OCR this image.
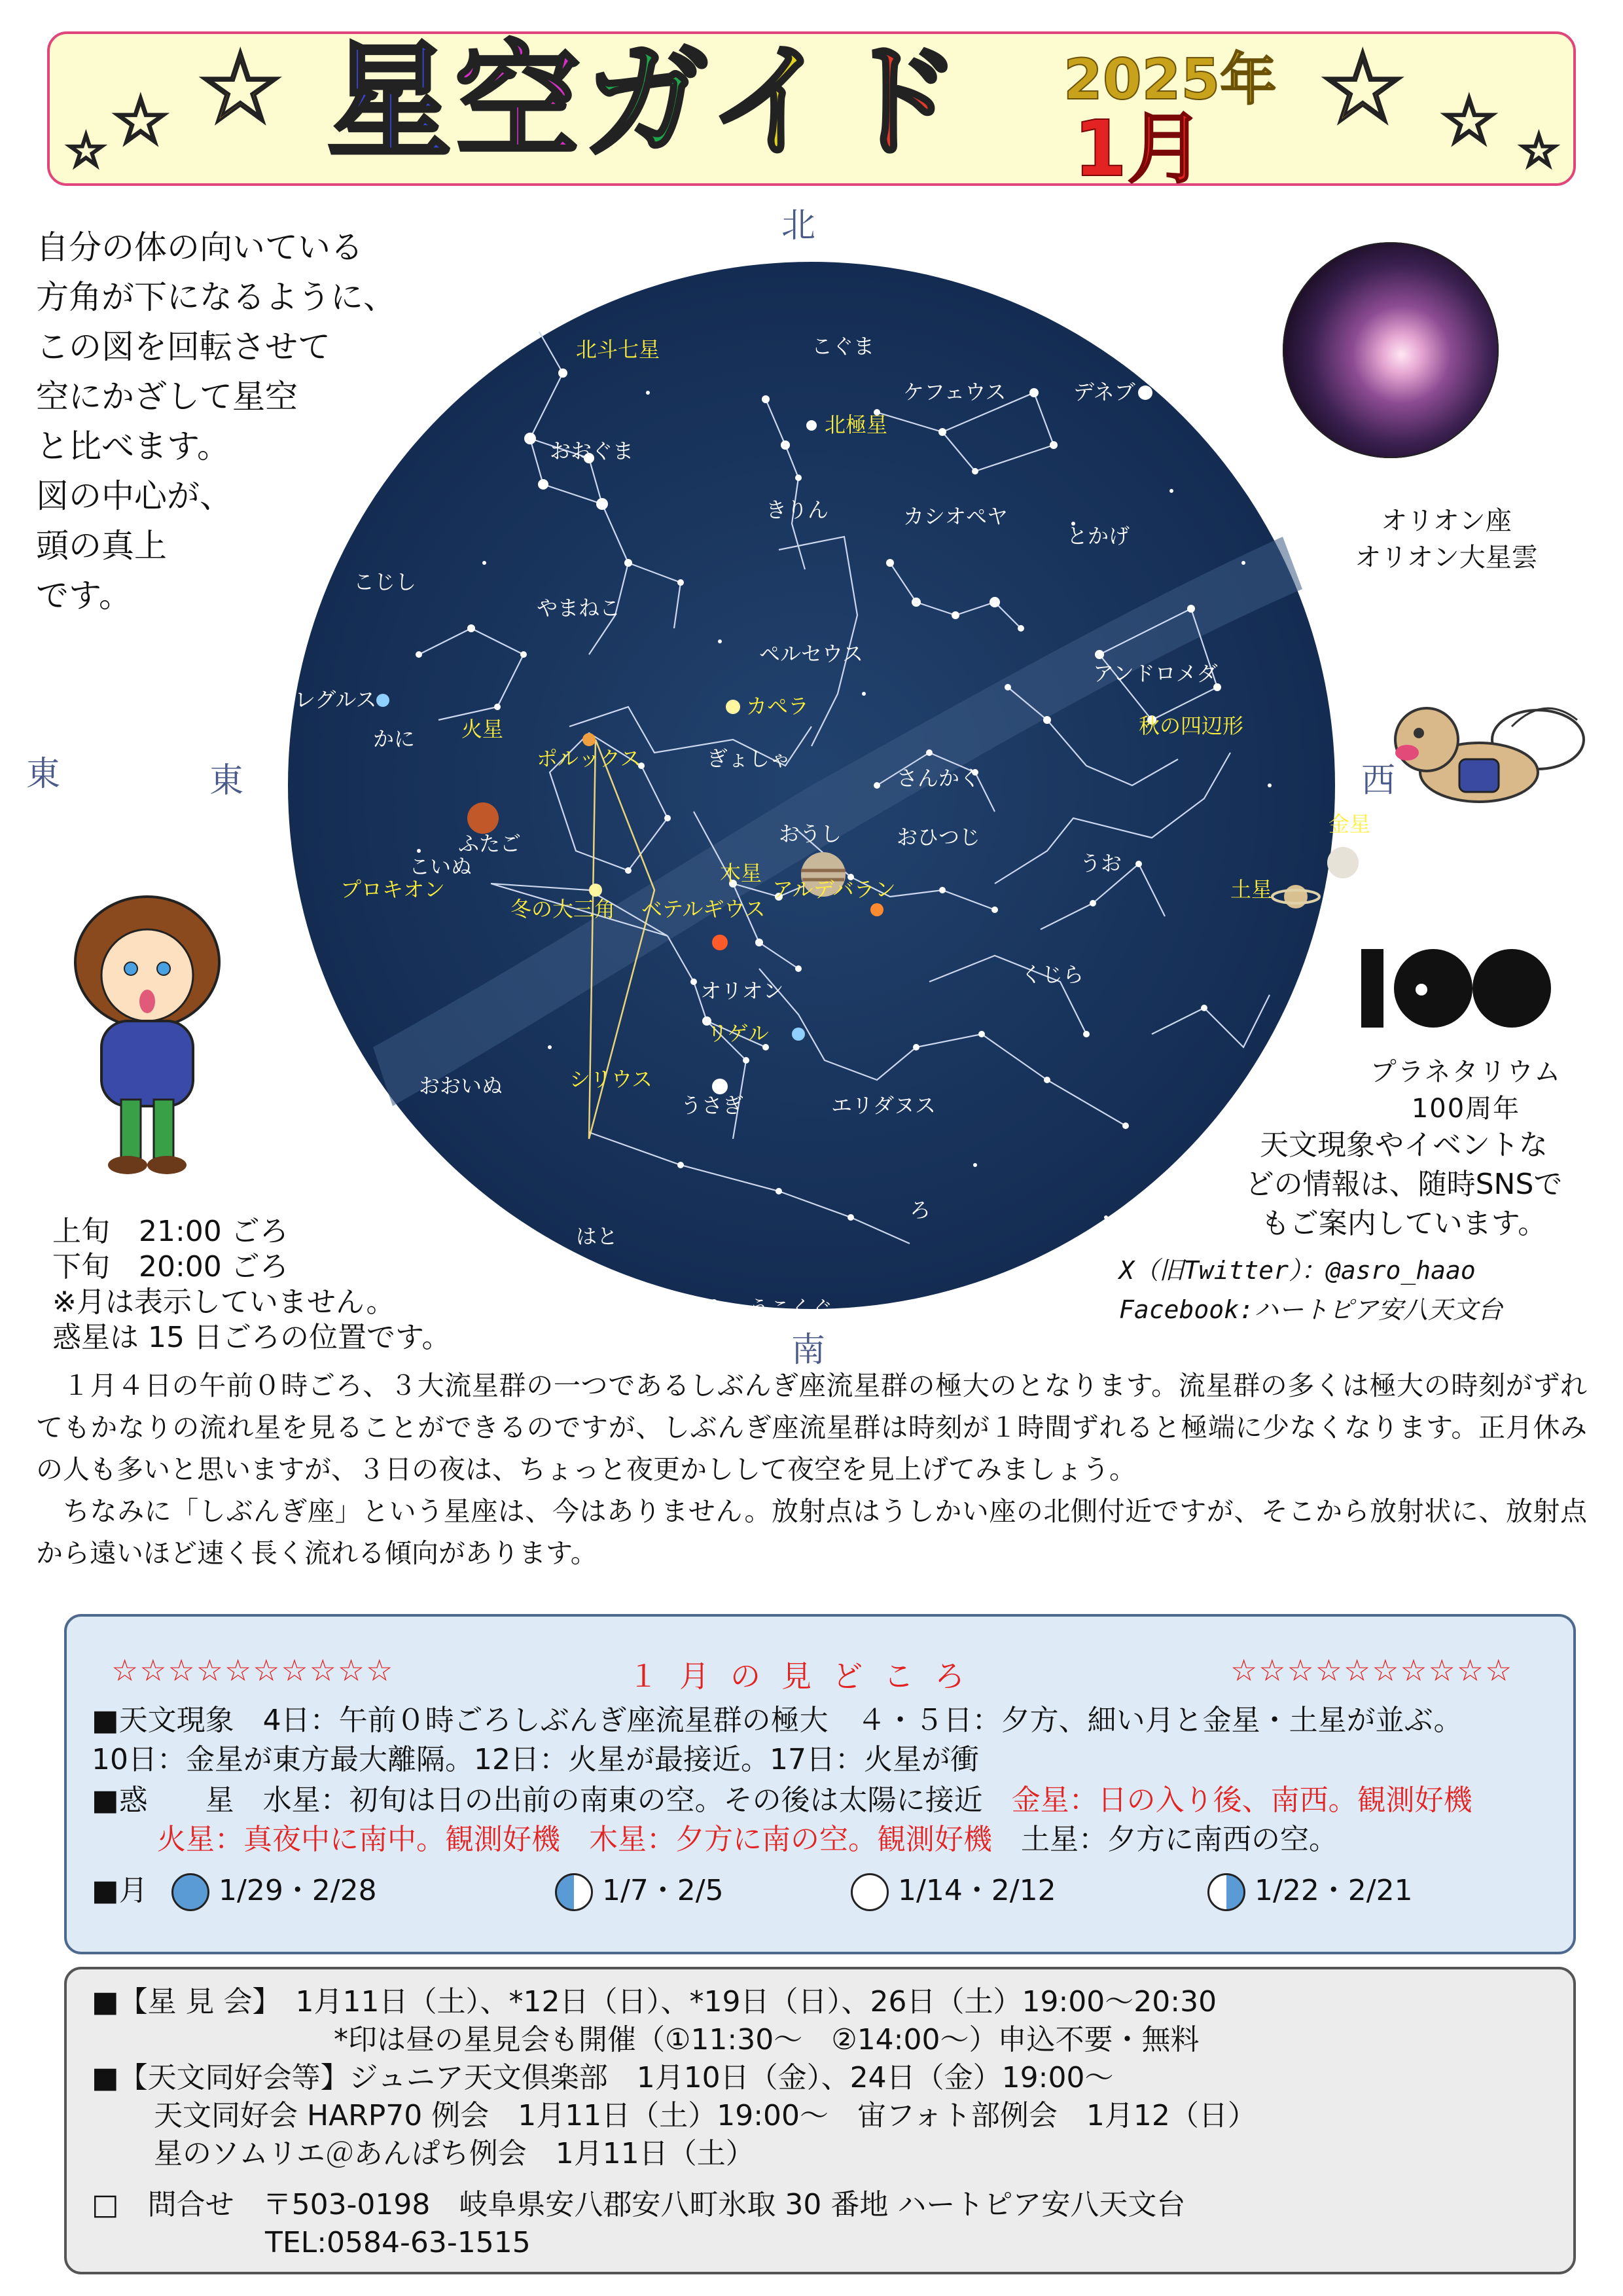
☆ ☆ ☆ 星空ガイド 2025年
1月
☆ ☆ ☆
自分の体の向いている
方角が下になるように、
この図を回転させて
空にかざして星空
と比べます。
図の中心が、
頭の真上
です。
北
南
東
北斗七星
おおぐま
こぐま
北極星
ケフェウス	デネブ
きりん	カシオペヤ
とかげ
こじし
やまねこ
ペルセウス
アンドロメダ
レグルス	カペラ
秋の四辺形
かに 火星
ポルックス	ぎょしゃ
さんかく
ふたご	おうし	おひつじ
こいぬ	うお
木星
アルデバラン
プロキオン
冬の大三角 ベテルギウス
オリオン
くじら
リゲル
おおいぬ	シリウス
うさぎ	エリダヌス
ろ
はと
ちょうこくぐ
金星
土星
東	西
オリオン座
オリオン大星雲
100
プラネタリウム
100周年
天文現象やイベントな
どの情報は、随時SNSで
もご案内しています。
X（旧Twitter）：@asro_haao
Facebook:ハートピア安八天文台
上旬　21:00 ごろ
下旬　20:00 ごろ
※月は表示していません。
惑星は 15 日ごろの位置です。

１月４日の午前０時ごろ、３大流星群の一つであるしぶんぎ座流星群の極大のとなります。流星群の多くは極大の時刻がずれてもかなりの流れ星を見ることができるのですが、しぶんぎ座流星群は時刻が１時間ずれると極端に少なくなります。正月休みの人も多いと思いますが、３日の夜は、ちょっと夜更かしして夜空を見上げてみましょう。

ちなみに「しぶんぎ座」という星座は、今はありません。放射点はうしかい座の北側付近ですが、そこから放射状に、放射点から遠いほど速く長く流れる傾向があります。

☆☆☆☆☆☆☆☆☆☆	１月の見どころ	☆☆☆☆☆☆☆☆☆☆
■天文現象　4日：午前０時ごろしぶんぎ座流星群の極大　４・５日：夕方、細い月と金星・土星が並ぶ。
10日：金星が東方最大離隔。12日：火星が最接近。17日：火星が衝
■惑　　星　水星：初旬は日の出前の南東の空。その後は太陽に接近　金星：日の入り後、南西。観測好機
火星：真夜中に南中。観測好機　木星：夕方に南の空。観測好機　土星：夕方に南西の空。
■月	1/29・2/28	1/7・2/5	1/14・2/12	1/22・2/21
■【星 見 会】　 1月11日（土）、*12日（日）、*19日（日）、26日（土）19:00～20:30
*印は昼の星見会も開催（①11:30～　②14:00～）申込不要・無料
■【天文同好会等】ジュニア天文倶楽部　1月10日（金）、24日（金）19:00～
天文同好会 HARP70 例会　1月11日（土）19:00～　宙フォト部例会　1月12（日）
星のソムリエ＠あんぱち例会　1月11日（土）
□　問合せ　 〒503-0198　岐阜県安八郡安八町氷取 30 番地 ハートピア安八天文台
TEL:0584-63-1515
